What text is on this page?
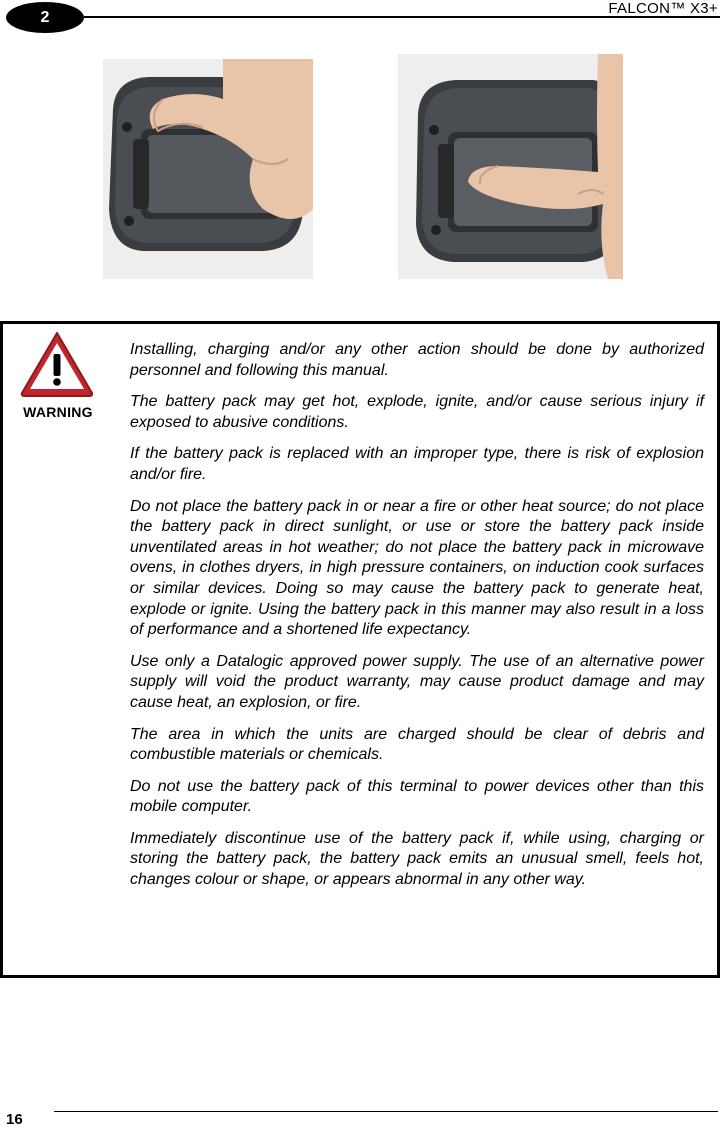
2
FALCON™ X3+
WARNING

Installing, charging and/or any other action should be done by authorized personnel and following this manual.

The battery pack may get hot, explode, ignite, and/or cause serious injury if exposed to abusive conditions.

If the battery pack is replaced with an improper type, there is risk of explosion and/or fire.

Do not place the battery pack in or near a fire or other heat source; do not place the battery pack in direct sunlight, or use or store the battery pack inside unventilated areas in hot weather; do not place the battery pack in microwave ovens, in clothes dryers, in high pressure containers, on induction cook surfaces or similar devices. Doing so may cause the battery pack to generate heat, explode or ignite. Using the battery pack in this manner may also result in a loss of performance and a shortened life expectancy.

Use only a Datalogic approved power supply. The use of an alternative power supply will void the product warranty, may cause product damage and may cause heat, an explosion, or fire.

The area in which the units are charged should be clear of debris and combustible materials or chemicals.

Do not use the battery pack of this terminal to power devices other than this mobile computer.

Immediately discontinue use of the battery pack if, while using, charging or storing the battery pack, the battery pack emits an unusual smell, feels hot, changes colour or shape, or appears abnormal in any other way.

16
